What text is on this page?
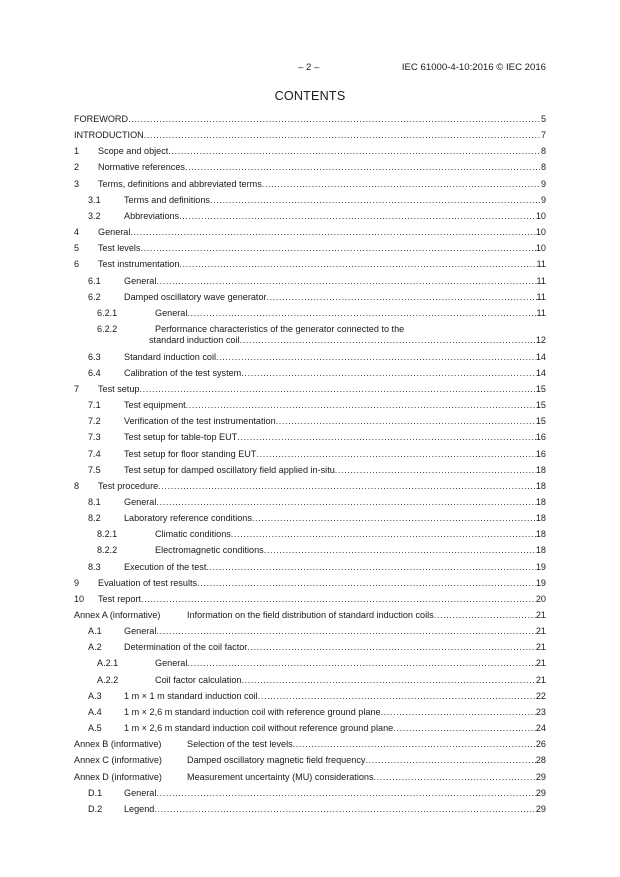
– 2 –	IEC 61000-4-10:2016 © IEC 2016
CONTENTS
FOREWORD .....	5
INTRODUCTION .....	7
1 Scope and object .....	8
2 Normative references .....	8
3 Terms, definitions and abbreviated terms .....	9
3.1	Terms and definitions .....	9
3.2	Abbreviations .....	10
4 General .....	10
5 Test levels .....	10
6 Test instrumentation .....	11
6.1	General .....	11
6.2	Damped oscillatory wave generator .....	11
6.2.1	General .....	11
6.2.2	Performance characteristics of the generator connected to the
standard induction coil .....	12
6.3	Standard induction coil .....	14
6.4	Calibration of the test system .....	14
7 Test setup .....	15
7.1	Test equipment .....	15
7.2	Verification of the test instrumentation .....	15
7.3	Test setup for table-top EUT .....	16
7.4	Test setup for floor standing EUT .....	16
7.5	Test setup for damped oscillatory field applied in-situ .....	18
8 Test procedure .....	18
8.1	General .....	18
8.2	Laboratory reference conditions .....	18
8.2.1	Climatic conditions .....	18
8.2.2	Electromagnetic conditions .....	18
8.3	Execution of the test .....	19
9 Evaluation of test results .....	19
10 Test report .....	20
Annex A (informative)	Information on the field distribution of standard induction coils .....	21
A.1 General .....	21
A.2 Determination of the coil factor .....	21
A.2.1	General .....	21
A.2.2	Coil factor calculation .....	21
A.3 1 m × 1 m standard induction coil .....	22
A.4 1 m × 2,6 m standard induction coil with reference ground plane .....	23
A.5 1 m × 2,6 m standard induction coil without reference ground plane .....	24
Annex B (informative)	Selection of the test levels .....	26
Annex C (informative)	Damped oscillatory magnetic field frequency .....	28
Annex D (informative)	Measurement uncertainty (MU) considerations .....	29
D.1 General .....	29
D.2 Legend .....	29
